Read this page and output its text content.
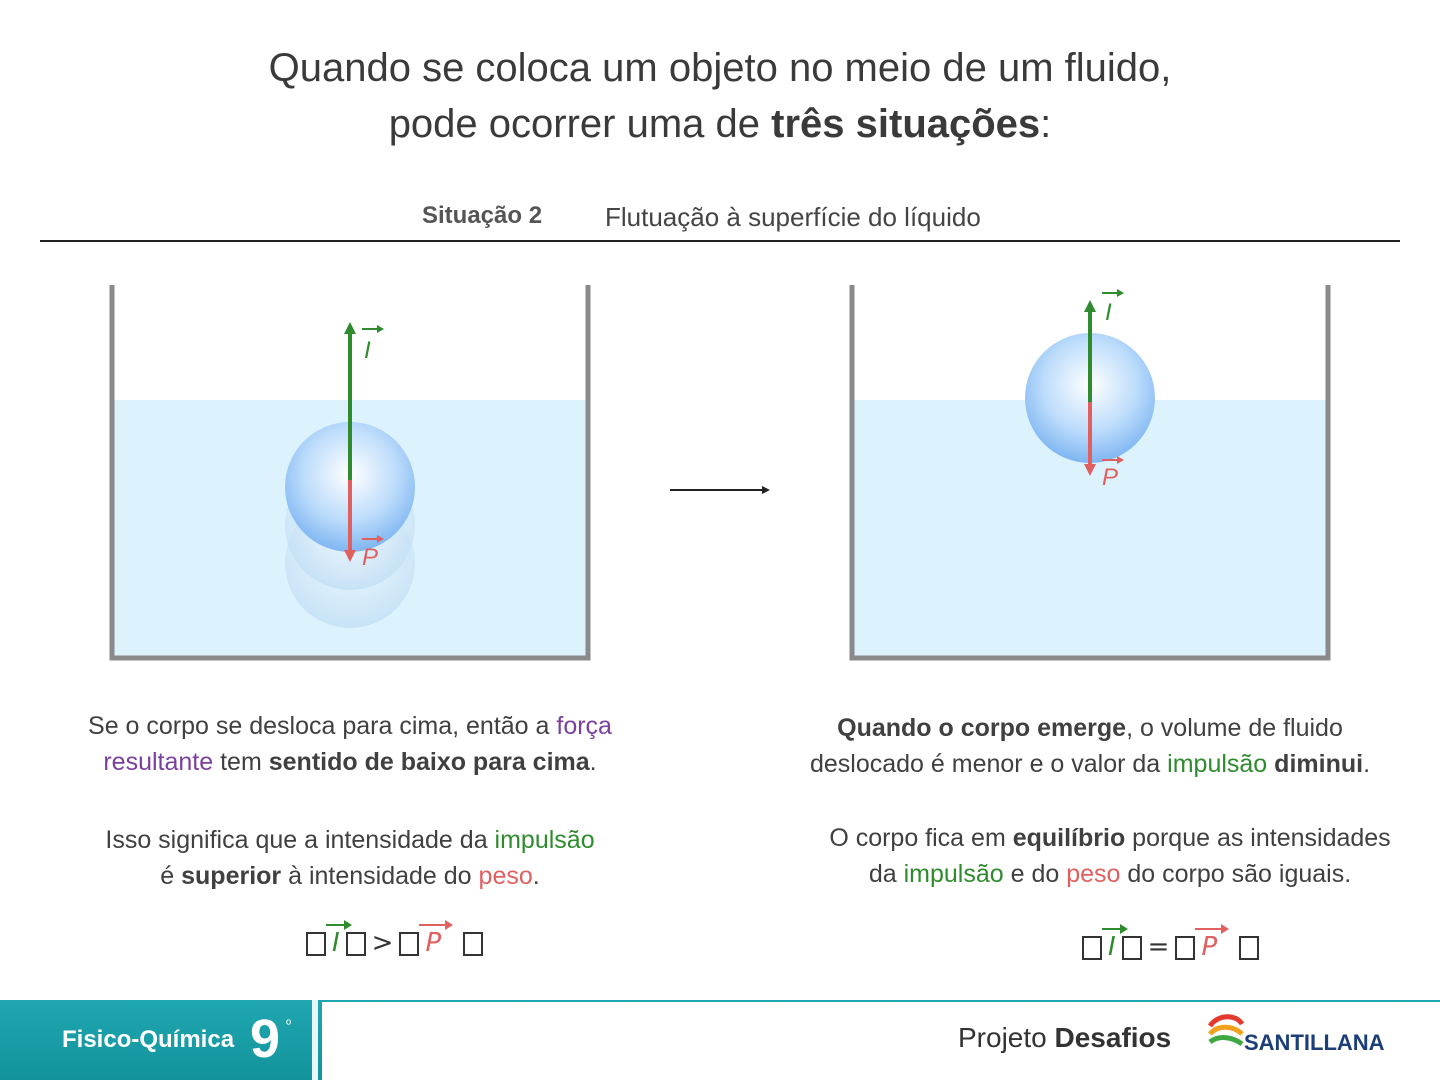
Quando se coloca um objeto no meio de um fluido,
pode ocorrer uma de três situações:
Situação 2 Flutuação à superfície do líquido
I
P
I
P
Se o corpo se desloca para cima, então a força
resultante tem sentido de baixo para cima.
Isso significa que a intensidade da impulsão
é superior à intensidade do peso.
Quando o corpo emerge, o volume de fluido
deslocado é menor e o valor da impulsão diminui.
O corpo fica em equilíbrio porque as intensidades
da impulsão e do peso do corpo são iguais.
I > P	I = P
Fisico-Química 9 º	Projeto Desafios	SANTILLANA
